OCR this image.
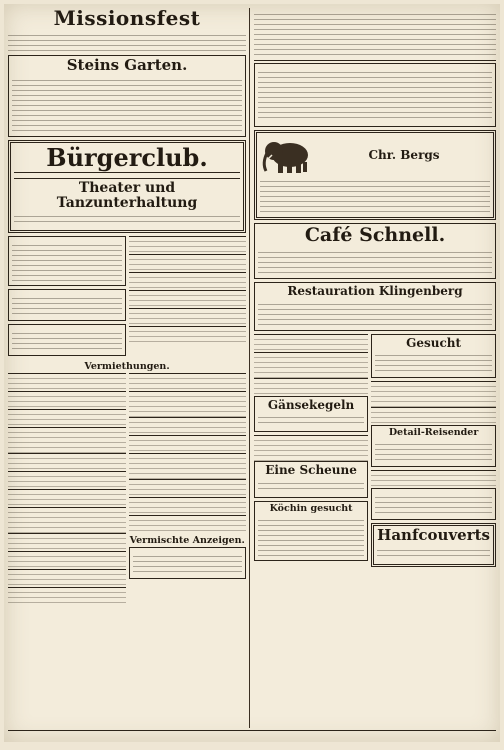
Missionsfest
Steins Garten.
Bürgerclub.
Theater und Tanzunterhaltung
Vermiethungen.
Vermischte Anzeigen.
Chr. Bergs
Café Schnell.
Restauration Klingenberg
Gänsekegeln
Eine Scheune
Köchin gesucht
Gesucht
Detail-Reisender
Hanfcouverts
